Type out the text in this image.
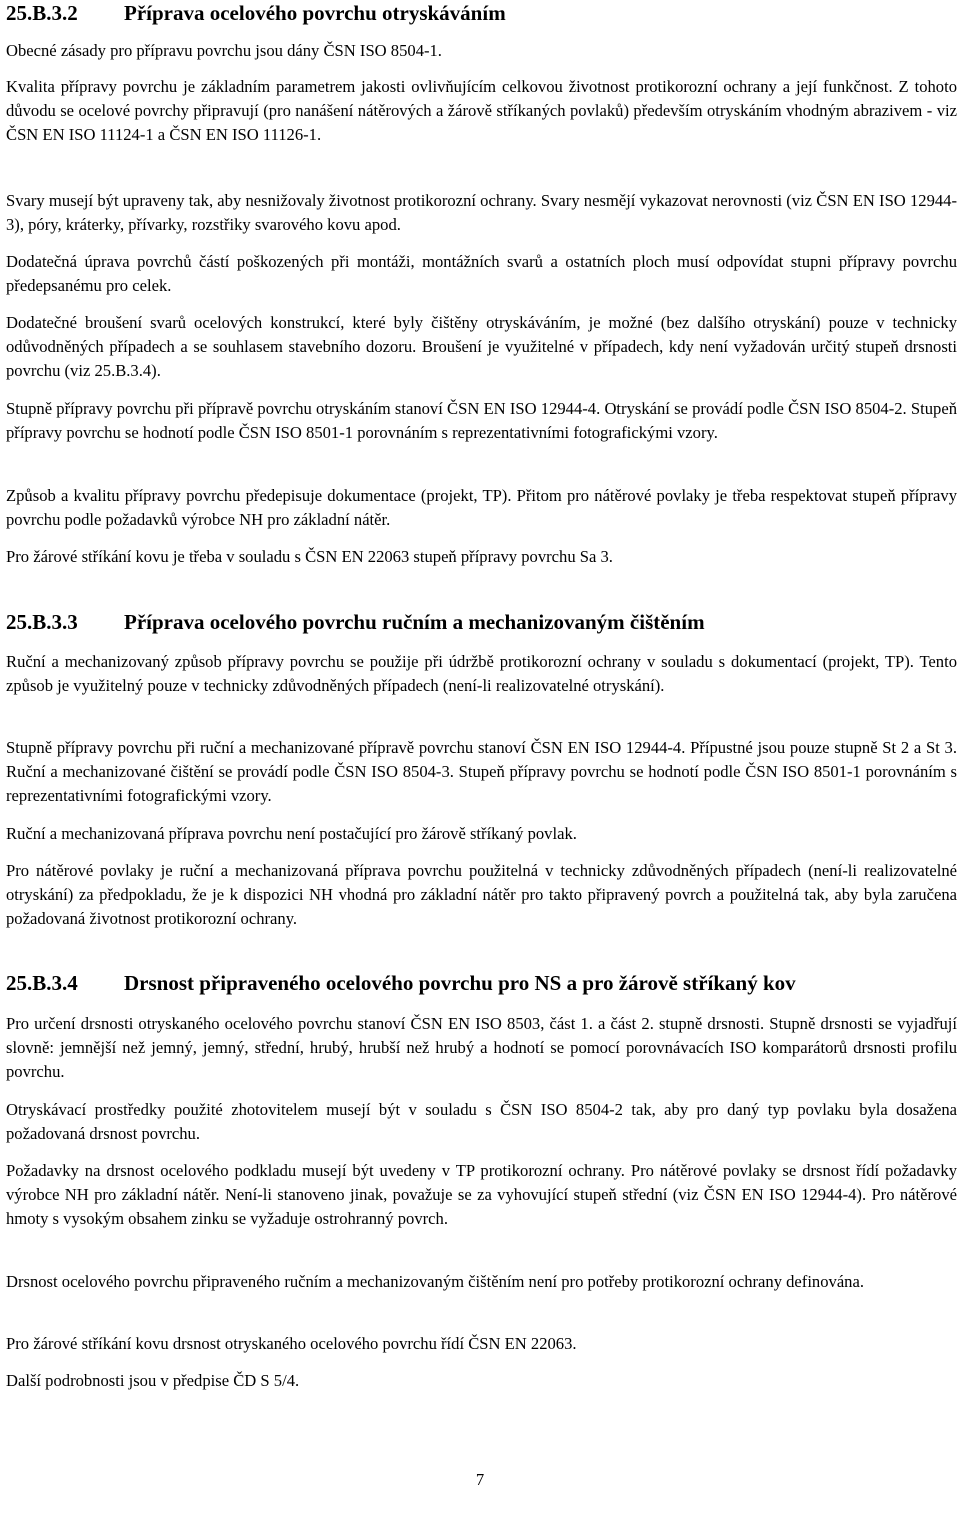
25.B.3.2	Příprava ocelového povrchu otryskáváním

Obecné zásady pro přípravu povrchu jsou dány ČSN ISO 8504-1.

Kvalita přípravy povrchu je základním parametrem jakosti ovlivňujícím celkovou životnost protikorozní ochrany a její funkčnost. Z tohoto důvodu se ocelové povrchy připravují (pro nanášení nátěrových a žárově stříkaných povlaků) především otryskáním vhodným abrazivem - viz ČSN EN ISO 11124-1 a ČSN EN ISO 11126-1.

Svary musejí být upraveny tak, aby nesnižovaly životnost protikorozní ochrany. Svary nesmějí vykazovat nerovnosti (viz ČSN EN ISO 12944-3), póry, kráterky, přívarky, rozstřiky svarového kovu apod.

Dodatečná úprava povrchů částí poškozených při montáži, montážních svarů a ostatních ploch musí odpovídat stupni přípravy povrchu předepsanému pro celek.

Dodatečné broušení svarů ocelových konstrukcí, které byly čištěny otryskáváním, je možné (bez dalšího otryskání) pouze v technicky odůvodněných případech a se souhlasem stavebního dozoru. Broušení je využitelné v případech, kdy není vyžadován určitý stupeň drsnosti povrchu (viz 25.B.3.4).

Stupně přípravy povrchu při přípravě povrchu otryskáním stanoví ČSN EN ISO 12944-4. Otryskání se provádí podle ČSN ISO 8504-2. Stupeň přípravy povrchu se hodnotí podle ČSN ISO 8501-1 porovnáním s reprezentativními fotografickými vzory.

Způsob a kvalitu přípravy povrchu předepisuje dokumentace (projekt, TP). Přitom pro nátěrové povlaky je třeba respektovat stupeň přípravy povrchu podle požadavků výrobce NH pro základní nátěr.

Pro žárové stříkání kovu je třeba v souladu s ČSN EN 22063 stupeň přípravy povrchu Sa 3.

25.B.3.3	Příprava ocelového povrchu ručním a mechanizovaným čištěním

Ruční a mechanizovaný způsob přípravy povrchu se použije při údržbě protikorozní ochrany v souladu s dokumentací (projekt, TP). Tento způsob je využitelný pouze v technicky zdůvodněných případech (není-li realizovatelné otryskání).

Stupně přípravy povrchu při ruční a mechanizované přípravě povrchu stanoví ČSN EN ISO 12944-4. Přípustné jsou pouze stupně St 2 a St 3. Ruční a mechanizované čištění se provádí podle ČSN ISO 8504-3. Stupeň přípravy povrchu se hodnotí podle ČSN ISO 8501-1 porovnáním s reprezentativními fotografickými vzory.

Ruční a mechanizovaná příprava povrchu není postačující pro žárově stříkaný povlak.

Pro nátěrové povlaky je ruční a mechanizovaná příprava povrchu použitelná v technicky zdůvodněných případech (není-li realizovatelné otryskání) za předpokladu, že je k dispozici NH vhodná pro základní nátěr pro takto připravený povrch a použitelná tak, aby byla zaručena požadovaná životnost protikorozní ochrany.

25.B.3.4	Drsnost připraveného ocelového povrchu pro NS a pro žárově stříkaný kov

Pro určení drsnosti otryskaného ocelového povrchu stanoví ČSN EN ISO 8503, část 1. a část 2. stupně drsnosti. Stupně drsnosti se vyjadřují slovně: jemnější než jemný, jemný, střední, hrubý, hrubší než hrubý a hodnotí se pomocí porovnávacích ISO komparátorů drsnosti profilu povrchu.

Otryskávací prostředky použité zhotovitelem musejí být v souladu s ČSN ISO 8504-2 tak, aby pro daný typ povlaku byla dosažena požadovaná drsnost povrchu.

Požadavky na drsnost ocelového podkladu musejí být uvedeny v TP protikorozní ochrany. Pro nátěrové povlaky se drsnost řídí požadavky výrobce NH pro základní nátěr. Není-li stanoveno jinak, považuje se za vyhovující stupeň střední (viz ČSN EN ISO 12944-4). Pro nátěrové hmoty s vysokým obsahem zinku se vyžaduje ostrohranný povrch.

Drsnost ocelového povrchu připraveného ručním a mechanizovaným čištěním není pro potřeby protikorozní ochrany definována.

Pro žárové stříkání kovu drsnost otryskaného ocelového povrchu řídí ČSN EN 22063.

Další podrobnosti jsou v předpise ČD S 5/4.

7
